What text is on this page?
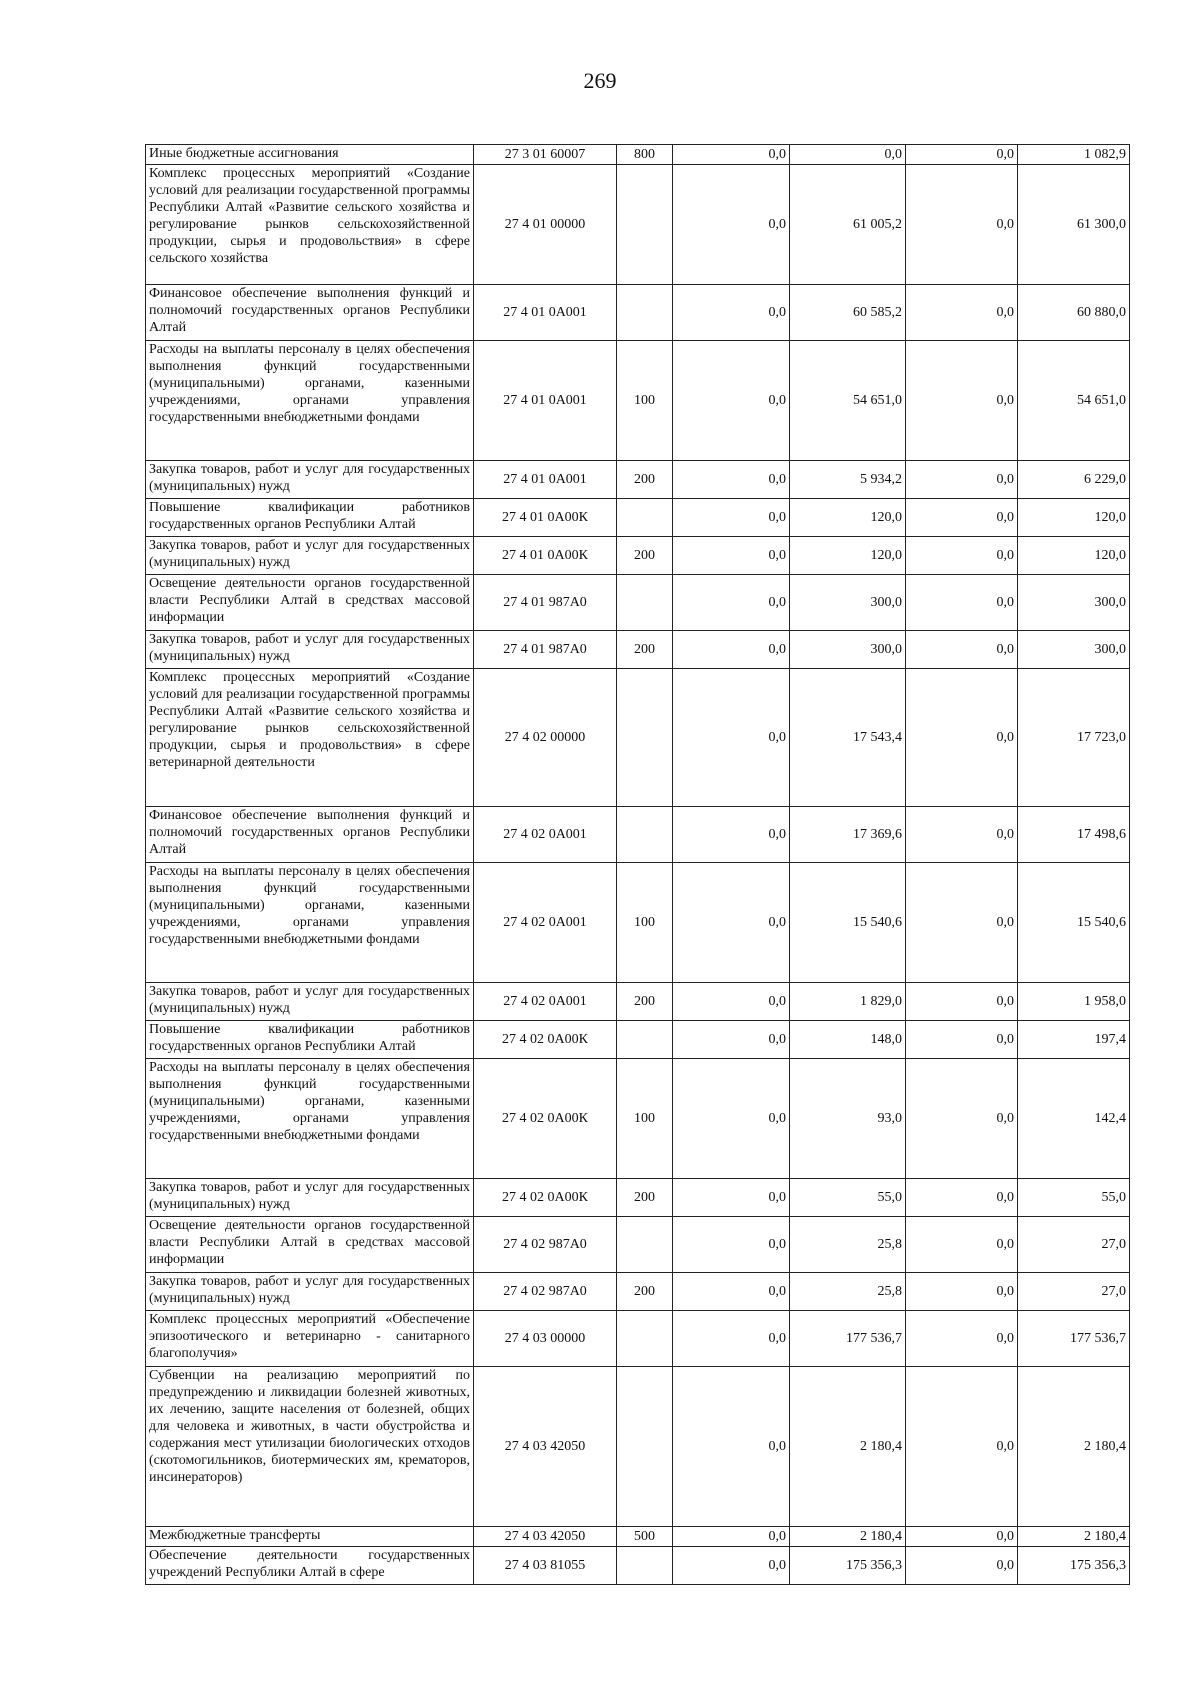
269
Иные бюджетные ассигнования	27 3 01 60007	800	0,0	0,0	0,0	1 082,9
Комплекс процессных мероприятий «Создание условий для реализации государственной программы Республики Алтай «Развитие сельского хозяйства и регулирование рынков сельскохозяйственной продукции, сырья и продовольствия» в сфере сельского хозяйства	27 4 01 00000		0,0	61 005,2	0,0	61 300,0
Финансовое обеспечение выполнения функций и полномочий государственных органов Республики Алтай	27 4 01 0А001		0,0	60 585,2	0,0	60 880,0
Расходы на выплаты персоналу в целях обеспечения выполнения функций государственными (муниципальными) органами, казенными учреждениями, органами управления государственными внебюджетными фондами	27 4 01 0А001	100	0,0	54 651,0	0,0	54 651,0
Закупка товаров, работ и услуг для государственных (муниципальных) нужд	27 4 01 0А001	200	0,0	5 934,2	0,0	6 229,0
Повышение квалификации работников государственных органов Республики Алтай	27 4 01 0А00К		0,0	120,0	0,0	120,0
Закупка товаров, работ и услуг для государственных (муниципальных) нужд	27 4 01 0А00К	200	0,0	120,0	0,0	120,0
Освещение деятельности органов государственной власти Республики Алтай в средствах массовой информации	27 4 01 987А0		0,0	300,0	0,0	300,0
Закупка товаров, работ и услуг для государственных (муниципальных) нужд	27 4 01 987А0	200	0,0	300,0	0,0	300,0
Комплекс процессных мероприятий «Создание условий для реализации государственной программы Республики Алтай «Развитие сельского хозяйства и регулирование рынков сельскохозяйственной продукции, сырья и продовольствия» в сфере ветеринарной деятельности	27 4 02 00000		0,0	17 543,4	0,0	17 723,0
Финансовое обеспечение выполнения функций и полномочий государственных органов Республики Алтай	27 4 02 0А001		0,0	17 369,6	0,0	17 498,6
Расходы на выплаты персоналу в целях обеспечения выполнения функций государственными (муниципальными) органами, казенными учреждениями, органами управления государственными внебюджетными фондами	27 4 02 0А001	100	0,0	15 540,6	0,0	15 540,6
Закупка товаров, работ и услуг для государственных (муниципальных) нужд	27 4 02 0А001	200	0,0	1 829,0	0,0	1 958,0
Повышение квалификации работников государственных органов Республики Алтай	27 4 02 0А00К		0,0	148,0	0,0	197,4
Расходы на выплаты персоналу в целях обеспечения выполнения функций государственными (муниципальными) органами, казенными учреждениями, органами управления государственными внебюджетными фондами	27 4 02 0А00К	100	0,0	93,0	0,0	142,4
Закупка товаров, работ и услуг для государственных (муниципальных) нужд	27 4 02 0А00К	200	0,0	55,0	0,0	55,0
Освещение деятельности органов государственной власти Республики Алтай в средствах массовой информации	27 4 02 987А0		0,0	25,8	0,0	27,0
Закупка товаров, работ и услуг для государственных (муниципальных) нужд	27 4 02 987А0	200	0,0	25,8	0,0	27,0
Комплекс процессных мероприятий «Обеспечение эпизоотического и ветеринарно - санитарного благополучия»	27 4 03 00000		0,0	177 536,7	0,0	177 536,7
Субвенции на реализацию мероприятий по предупреждению и ликвидации болезней животных, их лечению, защите населения от болезней, общих для человека и животных, в части обустройства и содержания мест утилизации биологических отходов (скотомогильников, биотермических ям, крематоров, инсинераторов)	27 4 03 42050		0,0	2 180,4	0,0	2 180,4
Межбюджетные трансферты	27 4 03 42050	500	0,0	2 180,4	0,0	2 180,4
Обеспечение деятельности государственных учреждений Республики Алтай в сфере	27 4 03 81055		0,0	175 356,3	0,0	175 356,3
